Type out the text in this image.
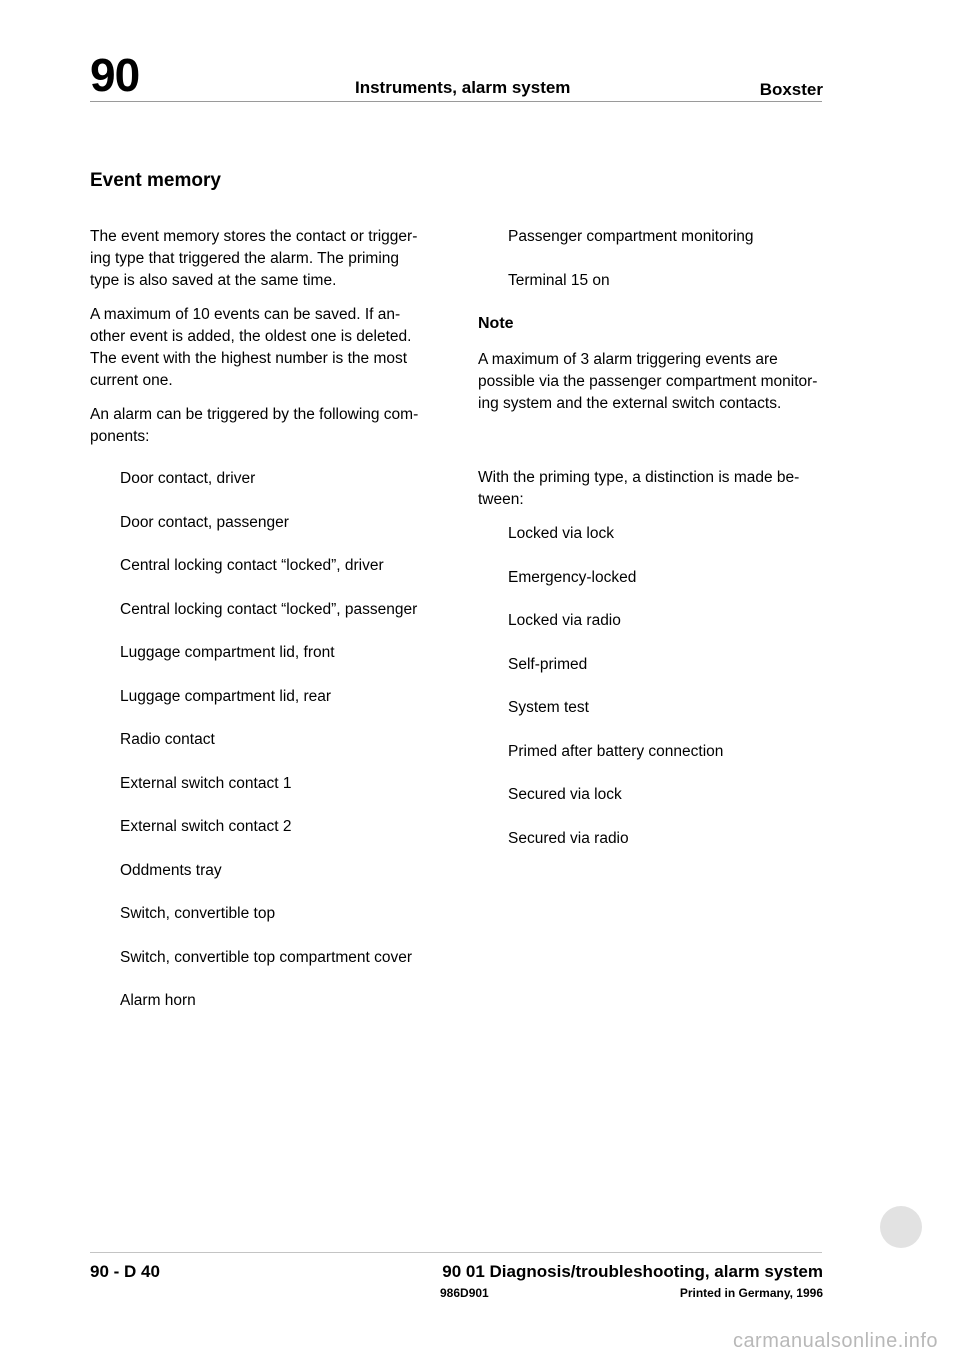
90	Instruments, alarm system	Boxster
Event memory

The event memory stores the contact or trigger-ing type that triggered the alarm. The priming type is also saved at the same time.

A maximum of 10 events can be saved. If an-other event is added, the oldest one is deleted. The event with the highest number is the most current one.

An alarm can be triggered by the following com-ponents:

Door contact, driver
Door contact, passenger
Central locking contact “locked”, driver
Central locking contact “locked”, passenger
Luggage compartment lid, front
Luggage compartment lid, rear
Radio contact
External switch contact 1
External switch contact 2
Oddments tray
Switch, convertible top
Switch, convertible top compartment cover
Alarm horn
Passenger compartment monitoring
Terminal 15 on
Note

A maximum of 3 alarm triggering events are possible via the passenger compartment monitor-ing system and the external switch contacts.

With the priming type, a distinction is made be-tween:

Locked via lock
Emergency-locked
Locked via radio
Self-primed
System test
Primed after battery connection
Secured via lock
Secured via radio
90 - D 40	90 01 Diagnosis/troubleshooting, alarm system
986D901	Printed in Germany, 1996
carmanualsonline.info
